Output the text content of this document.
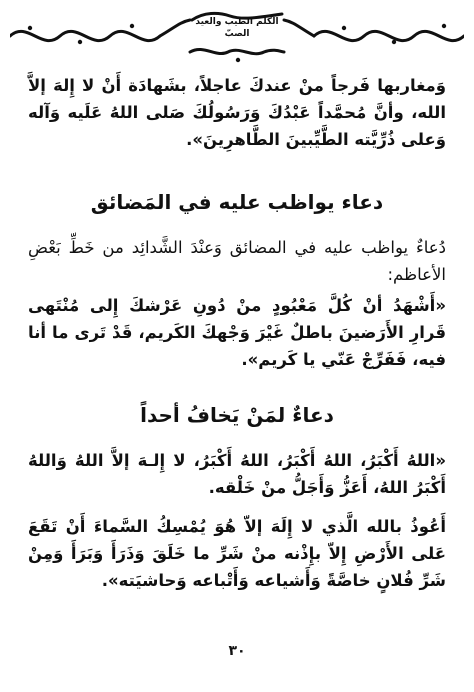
الكلم الطيب والعيد الصبّ

وَمغاربها فَرجاً منْ عندكَ عاجلاً، بشَهادَة أَنْ لا إِلهَ إلاَّ الله، وأنَّ مُحمَّداً عَبْدُكَ وَرَسُولُكَ صَلى اللهُ عَلَيه وَآله وَعلى ذُرِّيَّته الطَّيِّبينَ الطَّاهرِينَ».

دعاء يواظب عليه في المَضائق

دُعاءٌ يواظب عليه في المضائق وَعنْدَ الشَّدائِد من خَطِّ بَعْضِ الأعاظم:

«أَشْهَدُ أنْ كُلَّ مَعْبُودٍ منْ دُونِ عَرْشكَ إِلى مُنْتَهى قَرارِ الأَرَضينَ باطلٌ غَيْرَ وَجْهكَ الكَريم، قَدْ تَرى ما أنا فيه، فَفَرِّجْ عَنّي يا كَريم».

دعاءٌ لمَنْ يَخافُ أحداً

«اللهُ أَكْبَرُ، اللهُ أَكْبَرُ، اللهُ أَكْبَرُ، لا إِلـهَ إلاَّ اللهُ وَاللهُ أَكْبَرُ اللهُ، أَعَزُّ وَأَجَلُّ منْ خَلْقه.

أَعُوذُ بالله الَّذي لا إِلَهَ إلاّ هُوَ يُمْسِكُ السَّماءَ أَنْ تَقَعَ عَلى الأَرْضِ إِلاّ بإِذْنه منْ شَرِّ ما خَلَقَ وَذَرَأَ وَبَرَأَ وَمِنْ شَرِّ فُلانٍ خاصَّةً وَأَشياعه وَأَتْباعه وَحاشيَته».

٣٠
